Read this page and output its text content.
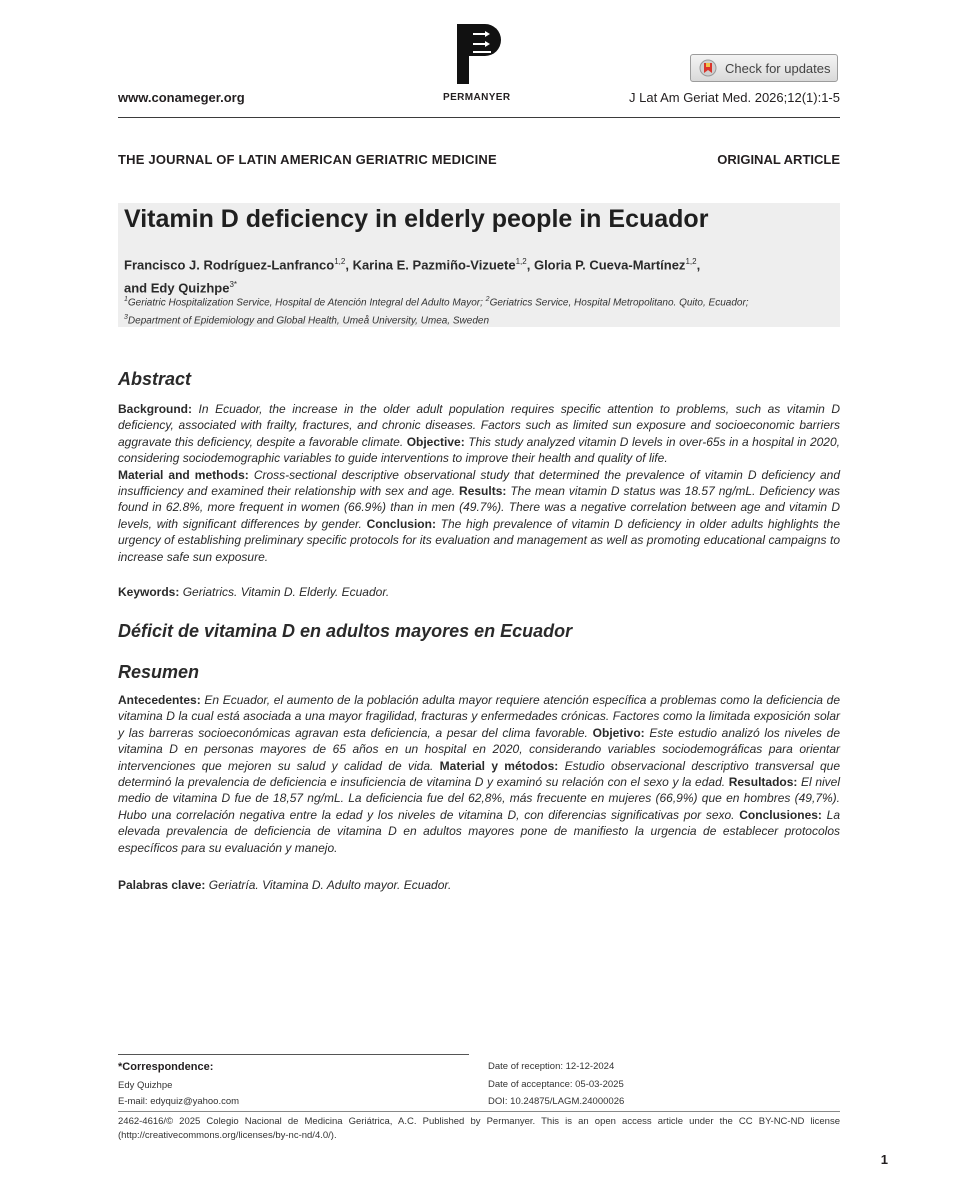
PERMANYER
www.conameger.org	J Lat Am Geriat Med. 2026;12(1):1-5
Check for updates
THE JOURNAL OF LATIN AMERICAN GERIATRIC MEDICINE	ORIGINAL ARTICLE
Vitamin D deficiency in elderly people in Ecuador
Francisco J. Rodríguez-Lanfranco$^{1,2}$, Karina E. Pazmiño-Vizuete$^{1,2}$, Gloria P. Cueva-Martínez$^{1,2}$,
and Edy Quizhpe$^{3*}$
$^1$Geriatric Hospitalization Service, Hospital de Atención Integral del Adulto Mayor; $^2$Geriatrics Service, Hospital Metropolitano. Quito, Ecuador;
$^3$Department of Epidemiology and Global Health, Umeå University, Umea, Sweden
Abstract
Background: In Ecuador, the increase in the older adult population requires specific attention to problems, such as vitamin D deficiency, associated with frailty, fractures, and chronic diseases. Factors such as limited sun exposure and socioeconomic barriers aggravate this deficiency, despite a favorable climate. Objective: This study analyzed vitamin D levels in over-65s in a hospital in 2020, considering sociodemographic variables to guide interventions to improve their health and quality of life.
Material and methods: Cross-sectional descriptive observational study that determined the prevalence of vitamin D deficiency and insufficiency and examined their relationship with sex and age. Results: The mean vitamin D status was 18.57 ng/mL. Deficiency was found in 62.8%, more frequent in women (66.9%) than in men (49.7%). There was a negative correlation between age and vitamin D levels, with significant differences by gender. Conclusion: The high prevalence of vitamin D deficiency in older adults highlights the urgency of establishing preliminary specific protocols for its evaluation and management as well as promoting educational campaigns to increase safe sun exposure.
Keywords: Geriatrics. Vitamin D. Elderly. Ecuador.
Déficit de vitamina D en adultos mayores en Ecuador
Resumen
Antecedentes: En Ecuador, el aumento de la población adulta mayor requiere atención específica a problemas como la deficiencia de vitamina D la cual está asociada a una mayor fragilidad, fracturas y enfermedades crónicas. Factores como la limitada exposición solar y las barreras socioeconómicas agravan esta deficiencia, a pesar del clima favorable. Objetivo: Este estudio analizó los niveles de vitamina D en personas mayores de 65 años en un hospital en 2020, considerando variables sociodemográficas para orientar intervenciones que mejoren su salud y calidad de vida. Material y métodos: Estudio observacional descriptivo transversal que determinó la prevalencia de deficiencia e insuficiencia de vitamina D y examinó su relación con el sexo y la edad. Resultados: El nivel medio de vitamina D fue de 18,57 ng/mL. La deficiencia fue del 62,8%, más frecuente en mujeres (66,9%) que en hombres (49,7%). Hubo una correlación negativa entre la edad y los niveles de vitamina D, con diferencias significativas por sexo. Conclusiones: La elevada prevalencia de deficiencia de vitamina D en adultos mayores pone de manifiesto la urgencia de establecer protocolos específicos para su evaluación y manejo.
Palabras clave: Geriatría. Vitamina D. Adulto mayor. Ecuador.
*Correspondence:
Edy Quizhpe
E-mail: edyquiz@yahoo.com
Date of reception: 12-12-2024
Date of acceptance: 05-03-2025
DOI: 10.24875/LAGM.24000026
2462-4616/© 2025 Colegio Nacional de Medicina Geriátrica, A.C. Published by Permanyer. This is an open access article under the CC BY-NC-ND license (http://creativecommons.org/licenses/by-nc-nd/4.0/).
1
